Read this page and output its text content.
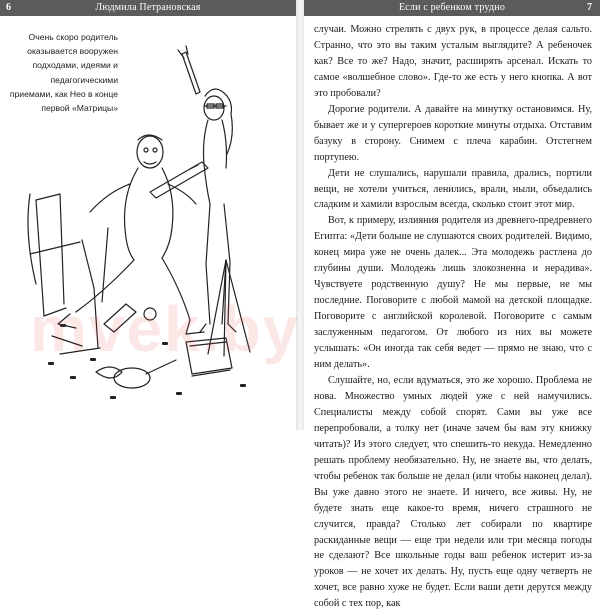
6	Людмила Петрановская
Очень скоро родитель оказывается вооружен подходами, идеями и педагогическими приемами, как Нео в конце первой «Матрицы»
Если с ребенком трудно	7

случаи. Можно стрелять с двух рук, в процессе делая сальто. Странно, что это вы таким усталым выглядите? А ребеночек как? Все то же? Надо, значит, расширять арсенал. Искать то самое «волшебное слово». Где-то же есть у него кнопка. А вот это пробовали?

Дорогие родители. А давайте на минутку остановимся. Ну, бывает же и у супергероев короткие минуты отдыха. Отставим базуку в сторону. Снимем с плеча карабин. Отстегнем портупею.

Дети не слушались, нарушали правила, дрались, портили вещи, не хотели учиться, ленились, врали, ныли, объедались сладким и хамили взрослым всегда, сколько стоит этот мир.

Вот, к примеру, излияния родителя из древнего-предревнего Египта: «Дети больше не слушаются своих родителей. Видимо, конец мира уже не очень далек... Эта молодежь растлена до глубины души. Молодежь лишь злокозненна и нерадива». Чувствуете родственную душу? Не мы первые, не мы последние. Поговорите с любой мамой на детской площадке. Поговорите с английской королевой. Поговорите с самым заслуженным педагогом. От любого из них вы можете услышать: «Он иногда так себя ведет — прямо не знаю, что с ним делать».

Слушайте, но, если вдуматься, это же хорошо. Проблема не нова. Множество умных людей уже с ней намучились. Специалисты между собой спорят. Сами вы уже все перепробовали, а толку нет (иначе зачем бы вам эту книжку читать)? Из этого следует, что спешить-то некуда. Немедленно решать проблему необязательно. Ну, не знаете вы, что делать, чтобы ребенок так больше не делал (или чтобы наконец делал). Вы уже давно этого не знаете. И ничего, все живы. Ну, не будете знать еще какое-то время, ничего страшного не случится, правда? Столько лет собирали по квартире раскиданные вещи — еще три недели или три месяца погоды не сделают? Все школьные годы ваш ребенок истерит из-за уроков — не хочет их делать. Ну, пусть еще одну четверть не хочет, все равно хуже не будет. Если ваши дети дерутся между собой с тех пор, как

mvek.by
